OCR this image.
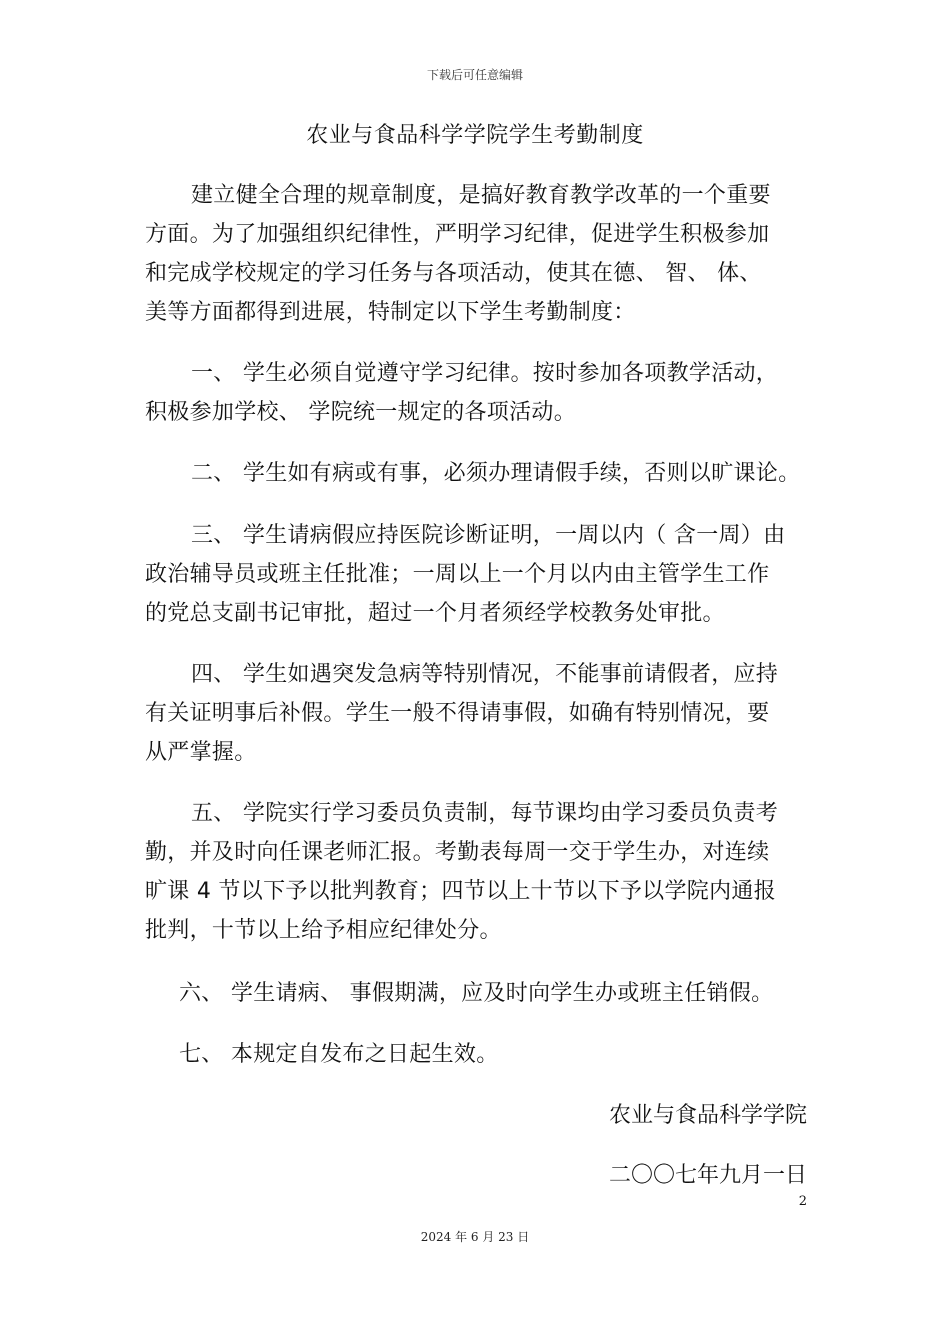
下载后可任意编辑
农业与食品科学学院学生考勤制度
建立健全合理的规章制度，是搞好教育教学改革的一个重要
方面。为了加强组织纪律性，严明学习纪律，促进学生积极参加
和完成学校规定的学习任务与各项活动，使其在德、 智、 体、
美等方面都得到进展，特制定以下学生考勤制度：
一、 学生必须自觉遵守学习纪律。按时参加各项教学活动，
积极参加学校、 学院统一规定的各项活动。
二、 学生如有病或有事，必须办理请假手续，否则以旷课论。
三、 学生请病假应持医院诊断证明，一周以内（ 含一周）由
政治辅导员或班主任批准；一周以上一个月以内由主管学生工作
的党总支副书记审批，超过一个月者须经学校教务处审批。
四、 学生如遇突发急病等特别情况，不能事前请假者，应持
有关证明事后补假。学生一般不得请事假，如确有特别情况，要
从严掌握。
五、 学院实行学习委员负责制，每节课均由学习委员负责考
勤，并及时向任课老师汇报。考勤表每周一交于学生办，对连续
旷课 4 节以下予以批判教育；四节以上十节以下予以学院内通报
批判，十节以上给予相应纪律处分。
六、 学生请病、 事假期满，应及时向学生办或班主任销假。
七、 本规定自发布之日起生效。
农业与食品科学学院
二〇〇七年九月一日
2
2024 年 6 月 23 日
